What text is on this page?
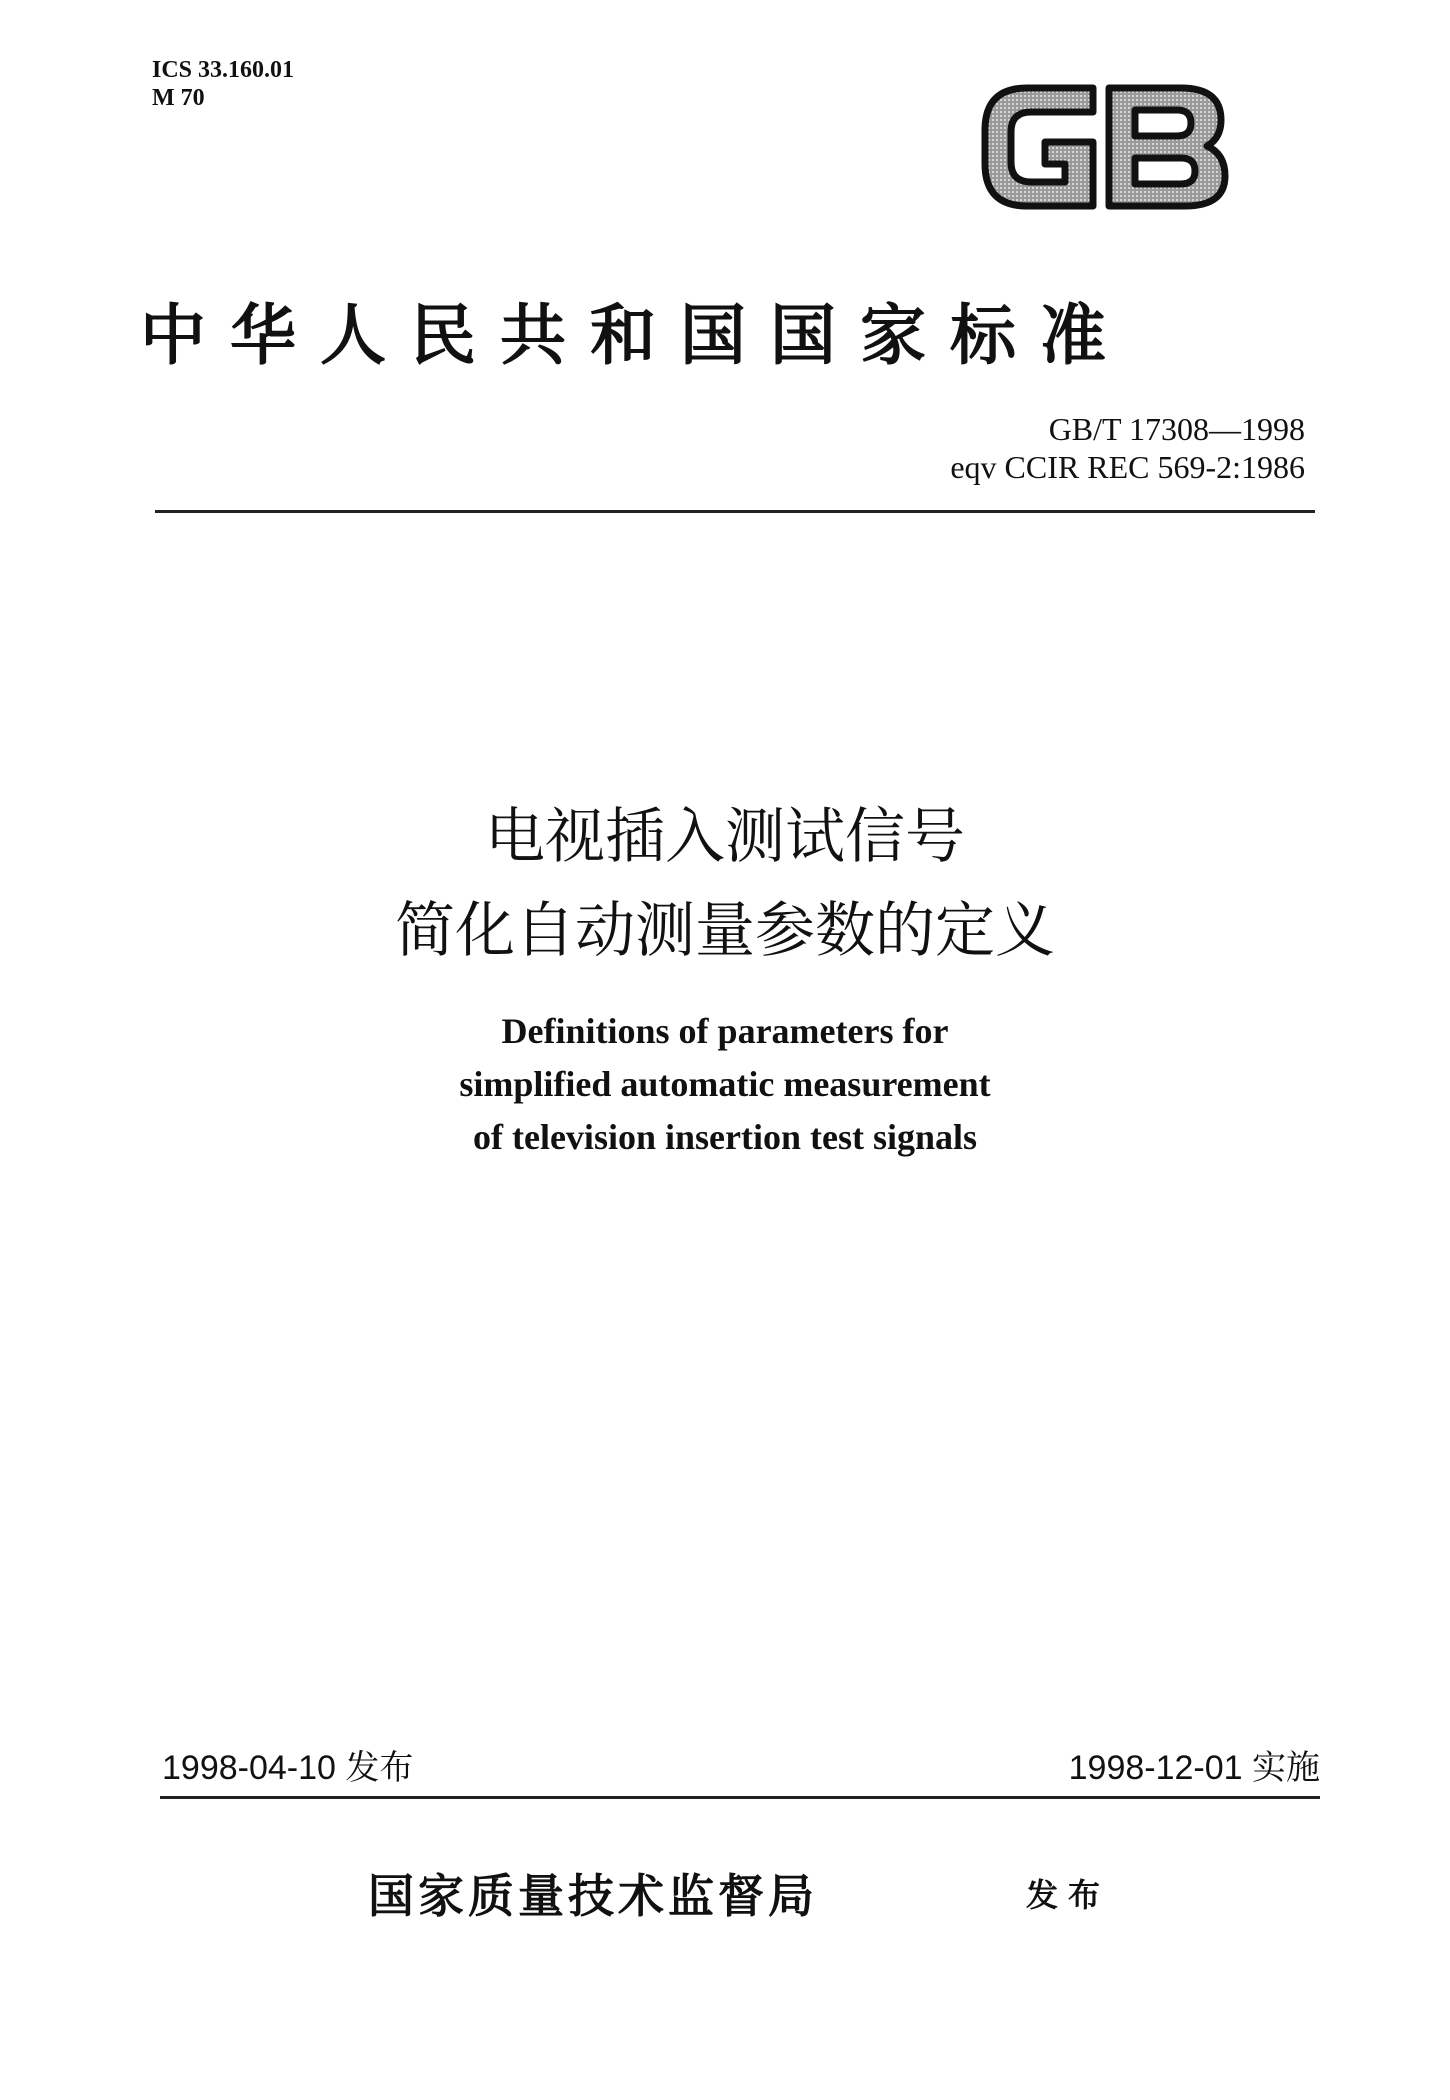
ICS 33.160.01
M 70
中华人民共和国国家标准
GB/T 17308—1998
eqv CCIR REC 569-2:1986
电视插入测试信号
简化自动测量参数的定义
Definitions of parameters for
simplified automatic measurement
of television insertion test signals
1998-04-10 发布	1998-12-01 实施
国家质量技术监督局	发布
